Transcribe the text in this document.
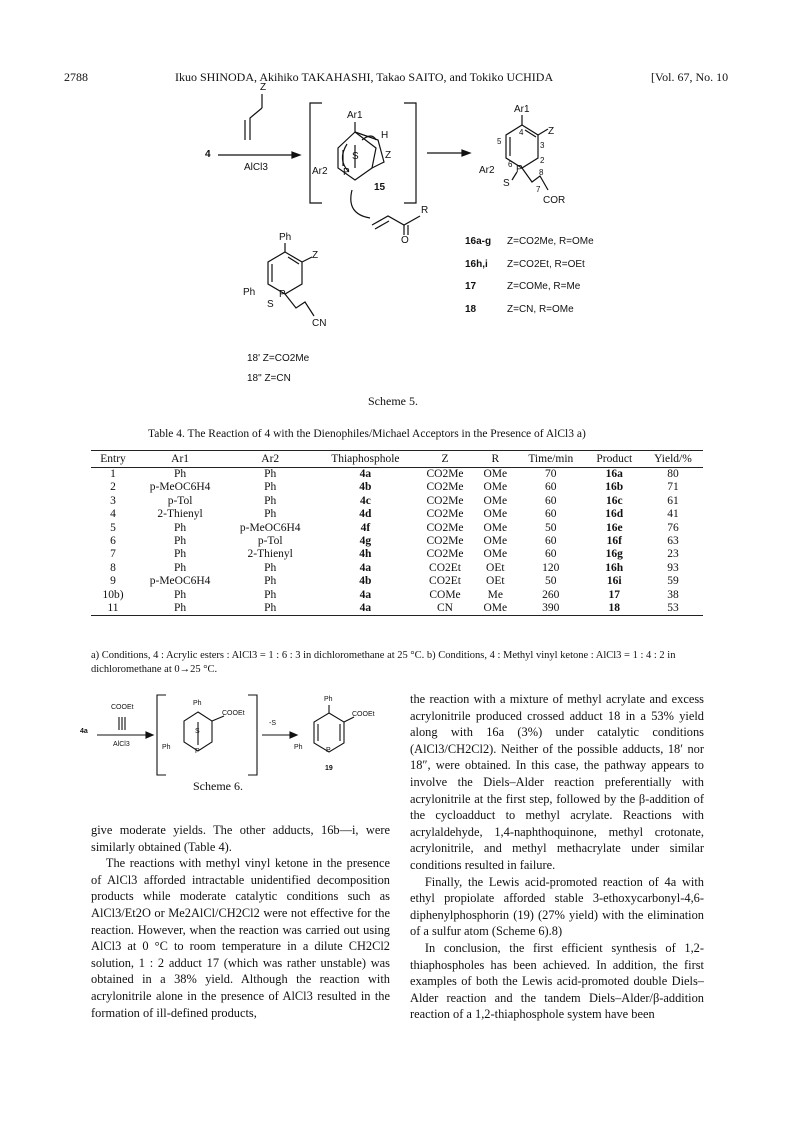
2788	Ikuo SHINODA, Akihiko TAKAHASHI, Takao SAITO, and Tokiko UCHIDA	[Vol. 67, No. 10
Z
4
AlCl3
Ar1
H
S	Z
Ar2 P
15
R
O
Ar1
4
3
5
2
6
8
7
Z
Ar2 P
S
COR
16a-g Z=CO2Me, R=OMe
16h,i Z=CO2Et, R=OEt
17	Z=COMe, R=Me
18	Z=CN, R=OMe
Ph
Z
Ph P
S
CN
18' Z=CO2Me
18" Z=CN
Scheme 5.
Table 4. The Reaction of 4 with the Dienophiles/Michael Acceptors in the Presence of AlCl3 a)
Entry	Ar1	Ar2	Thiaphosphole	Z	R	Time/min	Product	Yield/%
1	Ph	Ph	4a	CO2Me	OMe	70	16a	80
2	p-MeOC6H4	Ph	4b	CO2Me	OMe	60	16b	71
3	p-Tol	Ph	4c	CO2Me	OMe	60	16c	61
4	2-Thienyl	Ph	4d	CO2Me	OMe	60	16d	41
5	Ph	p-MeOC6H4	4f	CO2Me	OMe	50	16e	76
6	Ph	p-Tol	4g	CO2Me	OMe	60	16f	63
7	Ph	2-Thienyl	4h	CO2Me	OMe	60	16g	23
8	Ph	Ph	4a	CO2Et	OEt	120	16h	93
9	p-MeOC6H4	Ph	4b	CO2Et	OEt	50	16i	59
10b)	Ph	Ph	4a	COMe	Me	260	17	38
11	Ph	Ph	4a	CN	OMe	390	18	53
a) Conditions, 4 : Acrylic esters : AlCl3 = 1 : 6 : 3 in dichloromethane at 25 °C. b) Conditions, 4 : Methyl vinyl ketone : AlCl3 = 1 : 4 : 2 in dichloromethane at 0→25 °C.
COOEt
4a
AlCl3
Ph
COOEt
S
Ph
P
-S
Ph
COOEt
Ph	P
19
Scheme 6.

give moderate yields. The other adducts, 16b—i, were similarly obtained (Table 4).

The reactions with methyl vinyl ketone in the presence of AlCl3 afforded intractable unidentified decomposition products while moderate catalytic conditions such as AlCl3/Et2O or Me2AlCl/CH2Cl2 were not effective for the reaction. However, when the reaction was carried out using AlCl3 at 0 °C to room temperature in a dilute CH2Cl2 solution, 1 : 2 adduct 17 (which was rather unstable) was obtained in a 38% yield. Although the reaction with acrylonitrile alone in the presence of AlCl3 resulted in the formation of ill-defined products,

the reaction with a mixture of methyl acrylate and excess acrylonitrile produced crossed adduct 18 in a 53% yield along with 16a (3%) under catalytic conditions (AlCl3/CH2Cl2). Neither of the possible adducts, 18′ nor 18″, were obtained. In this case, the pathway appears to involve the Diels–Alder reaction preferentially with acrylonitrile at the first step, followed by the β-addition of the cycloadduct to methyl acrylate. Reactions with acrylaldehyde, 1,4-naphthoquinone, methyl crotonate, acrylonitrile, and methyl methacrylate under similar conditions resulted in failure.

Finally, the Lewis acid-promoted reaction of 4a with ethyl propiolate afforded stable 3-ethoxycarbonyl-4,6-diphenylphosphorin (19) (27% yield) with the elimination of a sulfur atom (Scheme 6).8)

In conclusion, the first efficient synthesis of 1,2-thiaphospholes has been achieved. In addition, the first examples of both the Lewis acid-promoted double Diels–Alder reaction and the tandem Diels–Alder/β-addition reaction of a 1,2-thiaphosphole system have been
